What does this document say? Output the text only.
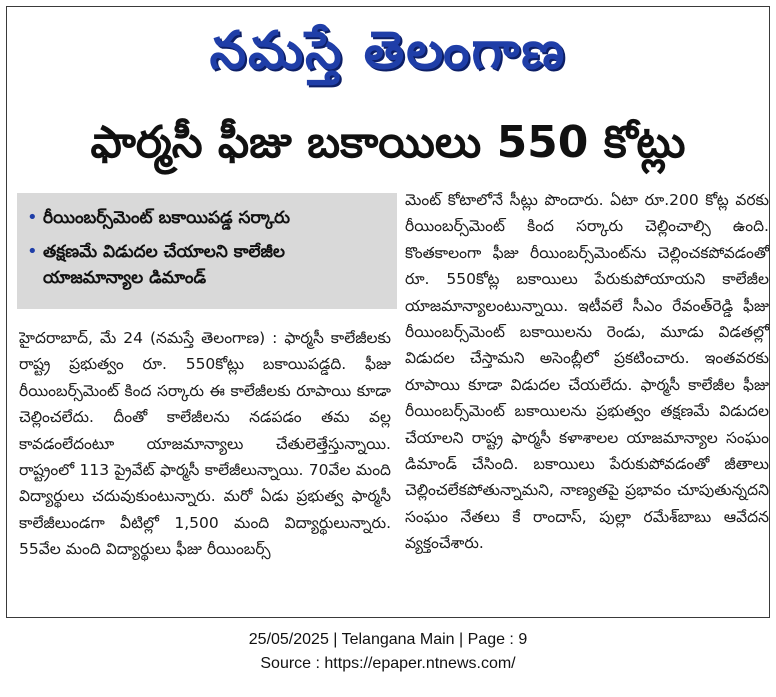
నమస్తే తెలంగాణ
ఫార్మసీ ఫీజు బకాయిలు 550 కోట్లు
• రీయింబర్స్‌మెంట్ బకాయిపడ్డ సర్కారు
• తక్షణమే విడుదల చేయాలని కాలేజీల యాజమాన్యాల డిమాండ్
హైదరాబాద్, మే 24 (నమస్తే తెలంగాణ) : ఫార్మసీ కాలేజీలకు రాష్ట్ర ప్రభుత్వం రూ. 550కోట్లు బకాయిపడ్డది. ఫీజు రీయింబర్స్‌మెంట్ కింద సర్కారు ఈ కాలేజీలకు రూపాయి కూడా చెల్లించలేదు. దీంతో కాలేజీలను నడపడం తమ వల్ల కావడంలేదంటూ యాజమాన్యాలు చేతులెత్తేస్తున్నాయి. రాష్ట్రంలో 113 ప్రైవేట్ ఫార్మసీ కాలేజీలున్నాయి. 70వేల మంది విద్యార్థులు చదువుకుంటున్నారు. మరో ఏడు ప్రభుత్వ ఫార్మసీ కాలేజీలుండగా వీటిల్లో 1,500 మంది విద్యార్థులున్నారు. 55వేల మంది విద్యార్థులు ఫీజు రీయింబర్స్
మెంట్ కోటాలోనే సీట్లు పొందారు. ఏటా రూ.200 కోట్ల వరకు రీయింబర్స్‌మెంట్ కింద సర్కారు చెల్లించాల్సి ఉంది. కొంతకాలంగా ఫీజు రీయింబర్స్‌మెంట్‌ను చెల్లించకపోవడంతో రూ. 550కోట్ల బకాయిలు పేరుకుపోయాయని కాలేజీల యాజమాన్యాలంటున్నాయి. ఇటీవలే సీఎం రేవంత్‌రెడ్డి ఫీజు రీయింబర్స్‌మెంట్ బకాయిలను రెండు, మూడు విడతల్లో విడుదల చేస్తామని అసెంబ్లీలో ప్రకటించారు. ఇంతవరకు రూపాయి కూడా విడుదల చేయలేదు. ఫార్మసీ కాలేజీల ఫీజు రీయింబర్స్‌మెంట్ బకాయిలను ప్రభుత్వం తక్షణమే విడుదల చేయాలని రాష్ట్ర ఫార్మసీ కళాశాలల యాజమాన్యాల సంఘం డిమాండ్ చేసింది. బకాయిలు పేరుకుపోవడంతో జీతాలు చెల్లించలేకపోతున్నామని, నాణ్యతపై ప్రభావం చూపుతున్నదని సంఘం నేతలు కే రాందాస్, పుల్లా రమేశ్‌బాబు ఆవేదన వ్యక్తంచేశారు.
25/05/2025 | Telangana Main | Page : 9
Source : https://epaper.ntnews.com/
